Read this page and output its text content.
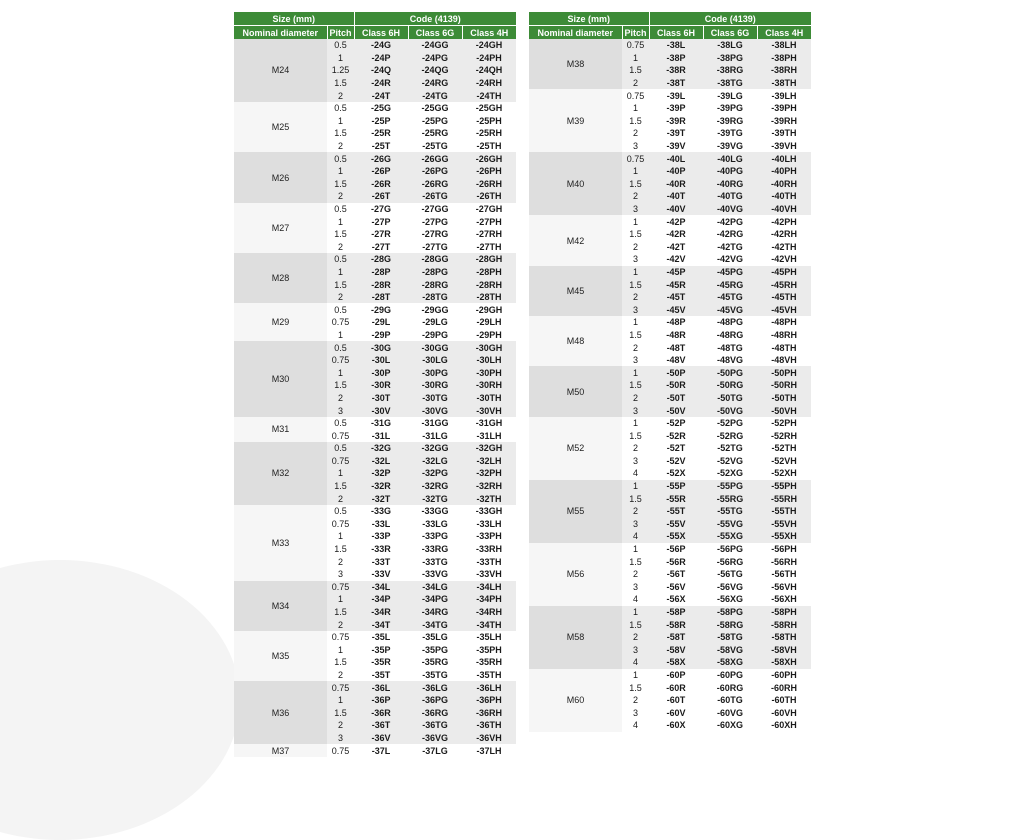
Size (mm)		Code (4139)		
Nominal diameter	Pitch	Class 6H	Class 6G	Class 4H
M24	0.5	-24G	-24GG	-24GH
	1	-24P	-24PG	-24PH
	1.25	-24Q	-24QG	-24QH
	1.5	-24R	-24RG	-24RH
	2	-24T	-24TG	-24TH
M25	0.5	-25G	-25GG	-25GH
	1	-25P	-25PG	-25PH
	1.5	-25R	-25RG	-25RH
	2	-25T	-25TG	-25TH
M26	0.5	-26G	-26GG	-26GH
	1	-26P	-26PG	-26PH
	1.5	-26R	-26RG	-26RH
	2	-26T	-26TG	-26TH
M27	0.5	-27G	-27GG	-27GH
	1	-27P	-27PG	-27PH
	1.5	-27R	-27RG	-27RH
	2	-27T	-27TG	-27TH
M28	0.5	-28G	-28GG	-28GH
	1	-28P	-28PG	-28PH
	1.5	-28R	-28RG	-28RH
	2	-28T	-28TG	-28TH
M29	0.5	-29G	-29GG	-29GH
	0.75	-29L	-29LG	-29LH
	1	-29P	-29PG	-29PH
M30	0.5	-30G	-30GG	-30GH
	0.75	-30L	-30LG	-30LH
	1	-30P	-30PG	-30PH
	1.5	-30R	-30RG	-30RH
	2	-30T	-30TG	-30TH
	3	-30V	-30VG	-30VH
M31	0.5	-31G	-31GG	-31GH
	0.75	-31L	-31LG	-31LH
M32	0.5	-32G	-32GG	-32GH
	0.75	-32L	-32LG	-32LH
	1	-32P	-32PG	-32PH
	1.5	-32R	-32RG	-32RH
	2	-32T	-32TG	-32TH
M33	0.5	-33G	-33GG	-33GH
	0.75	-33L	-33LG	-33LH
	1	-33P	-33PG	-33PH
	1.5	-33R	-33RG	-33RH
	2	-33T	-33TG	-33TH
	3	-33V	-33VG	-33VH
M34	0.75	-34L	-34LG	-34LH
	1	-34P	-34PG	-34PH
	1.5	-34R	-34RG	-34RH
	2	-34T	-34TG	-34TH
M35	0.75	-35L	-35LG	-35LH
	1	-35P	-35PG	-35PH
	1.5	-35R	-35RG	-35RH
	2	-35T	-35TG	-35TH
M36	0.75	-36L	-36LG	-36LH
	1	-36P	-36PG	-36PH
	1.5	-36R	-36RG	-36RH
	2	-36T	-36TG	-36TH
	3	-36V	-36VG	-36VH
M37	0.75	-37L	-37LG	-37LH
Size (mm)		Code (4139)		
Nominal diameter	Pitch	Class 6H	Class 6G	Class 4H
M38	0.75	-38L	-38LG	-38LH
	1	-38P	-38PG	-38PH
	1.5	-38R	-38RG	-38RH
	2	-38T	-38TG	-38TH
M39	0.75	-39L	-39LG	-39LH
	1	-39P	-39PG	-39PH
	1.5	-39R	-39RG	-39RH
	2	-39T	-39TG	-39TH
	3	-39V	-39VG	-39VH
M40	0.75	-40L	-40LG	-40LH
	1	-40P	-40PG	-40PH
	1.5	-40R	-40RG	-40RH
	2	-40T	-40TG	-40TH
	3	-40V	-40VG	-40VH
M42	1	-42P	-42PG	-42PH
	1.5	-42R	-42RG	-42RH
	2	-42T	-42TG	-42TH
	3	-42V	-42VG	-42VH
M45	1	-45P	-45PG	-45PH
	1.5	-45R	-45RG	-45RH
	2	-45T	-45TG	-45TH
	3	-45V	-45VG	-45VH
M48	1	-48P	-48PG	-48PH
	1.5	-48R	-48RG	-48RH
	2	-48T	-48TG	-48TH
	3	-48V	-48VG	-48VH
M50	1	-50P	-50PG	-50PH
	1.5	-50R	-50RG	-50RH
	2	-50T	-50TG	-50TH
	3	-50V	-50VG	-50VH
M52	1	-52P	-52PG	-52PH
	1.5	-52R	-52RG	-52RH
	2	-52T	-52TG	-52TH
	3	-52V	-52VG	-52VH
	4	-52X	-52XG	-52XH
M55	1	-55P	-55PG	-55PH
	1.5	-55R	-55RG	-55RH
	2	-55T	-55TG	-55TH
	3	-55V	-55VG	-55VH
	4	-55X	-55XG	-55XH
M56	1	-56P	-56PG	-56PH
	1.5	-56R	-56RG	-56RH
	2	-56T	-56TG	-56TH
	3	-56V	-56VG	-56VH
	4	-56X	-56XG	-56XH
M58	1	-58P	-58PG	-58PH
	1.5	-58R	-58RG	-58RH
	2	-58T	-58TG	-58TH
	3	-58V	-58VG	-58VH
	4	-58X	-58XG	-58XH
M60	1	-60P	-60PG	-60PH
	1.5	-60R	-60RG	-60RH
	2	-60T	-60TG	-60TH
	3	-60V	-60VG	-60VH
	4	-60X	-60XG	-60XH
